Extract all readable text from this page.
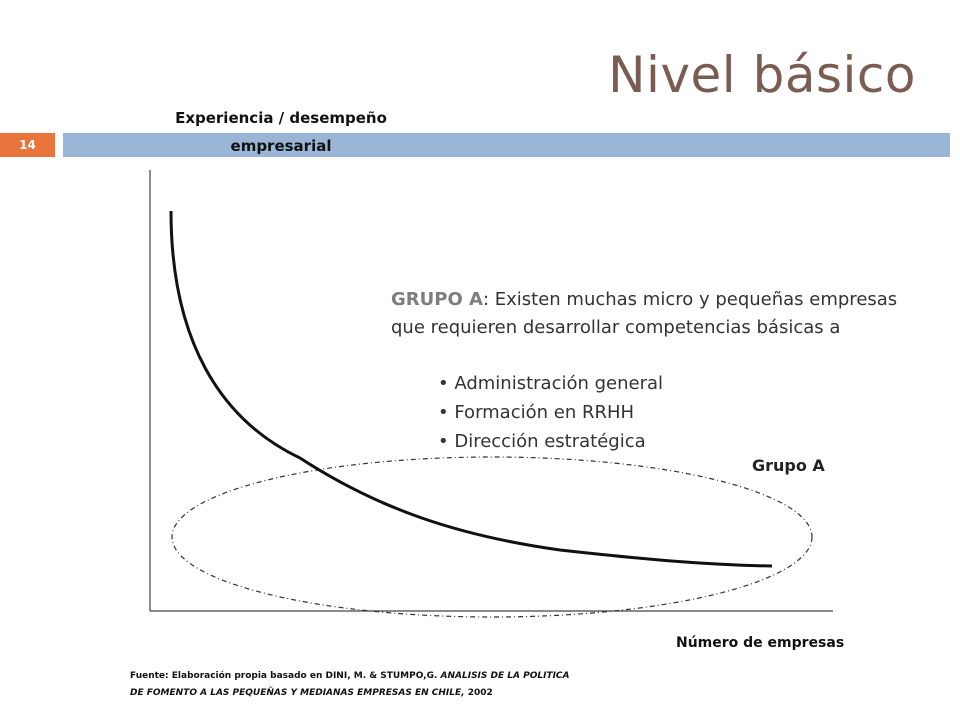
Nivel básico
14
Experiencia / desempeño empresarial
GRUPO A: Existen muchas micro y pequeñas empresas que requieren desarrollar competencias básicas a
• Administración general
• Formación en RRHH
• Dirección estratégica
Grupo A
Número de empresas
Fuente: Elaboración propia basado en DINI, M. & STUMPO,G. ANALISIS DE LA POLITICA
DE FOMENTO A LAS PEQUEÑAS Y MEDIANAS EMPRESAS EN CHILE, 2002
